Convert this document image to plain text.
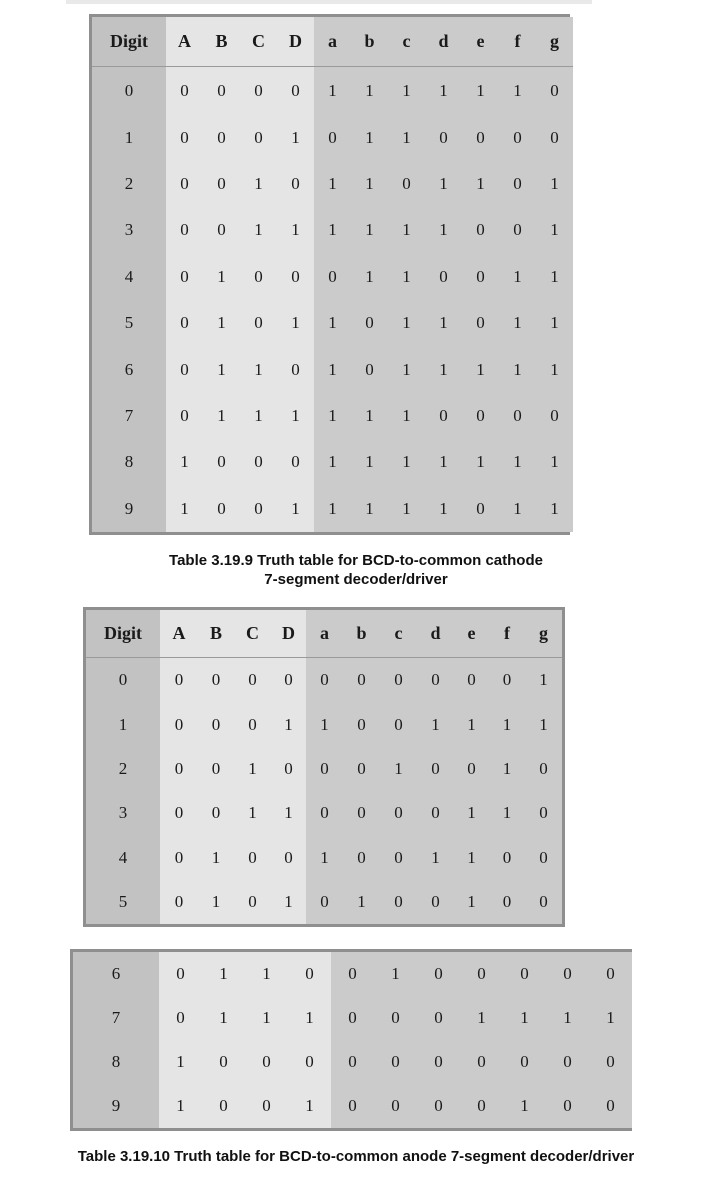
Digit	A	B	C	D	a	b	c	d	e	f	g
0	0	0	0	0	1	1	1	1	1	1	0
1	0	0	0	1	0	1	1	0	0	0	0
2	0	0	1	0	1	1	0	1	1	0	1
3	0	0	1	1	1	1	1	1	0	0	1
4	0	1	0	0	0	1	1	0	0	1	1
5	0	1	0	1	1	0	1	1	0	1	1
6	0	1	1	0	1	0	1	1	1	1	1
7	0	1	1	1	1	1	1	0	0	0	0
8	1	0	0	0	1	1	1	1	1	1	1
9	1	0	0	1	1	1	1	1	0	1	1
Table 3.19.9 Truth table for BCD-to-common cathode
7-segment decoder/driver
Digit	A	B	C	D	a	b	c	d	e	f	g
0	0	0	0	0	0	0	0	0	0	0	1
1	0	0	0	1	1	0	0	1	1	1	1
2	0	0	1	0	0	0	1	0	0	1	0
3	0	0	1	1	0	0	0	0	1	1	0
4	0	1	0	0	1	0	0	1	1	0	0
5	0	1	0	1	0	1	0	0	1	0	0
6	0	1	1	0	0	1	0	0	0	0	0
7	0	1	1	1	0	0	0	1	1	1	1
8	1	0	0	0	0	0	0	0	0	0	0
9	1	0	0	1	0	0	0	0	1	0	0
Table 3.19.10 Truth table for BCD-to-common anode 7-segment decoder/driver
